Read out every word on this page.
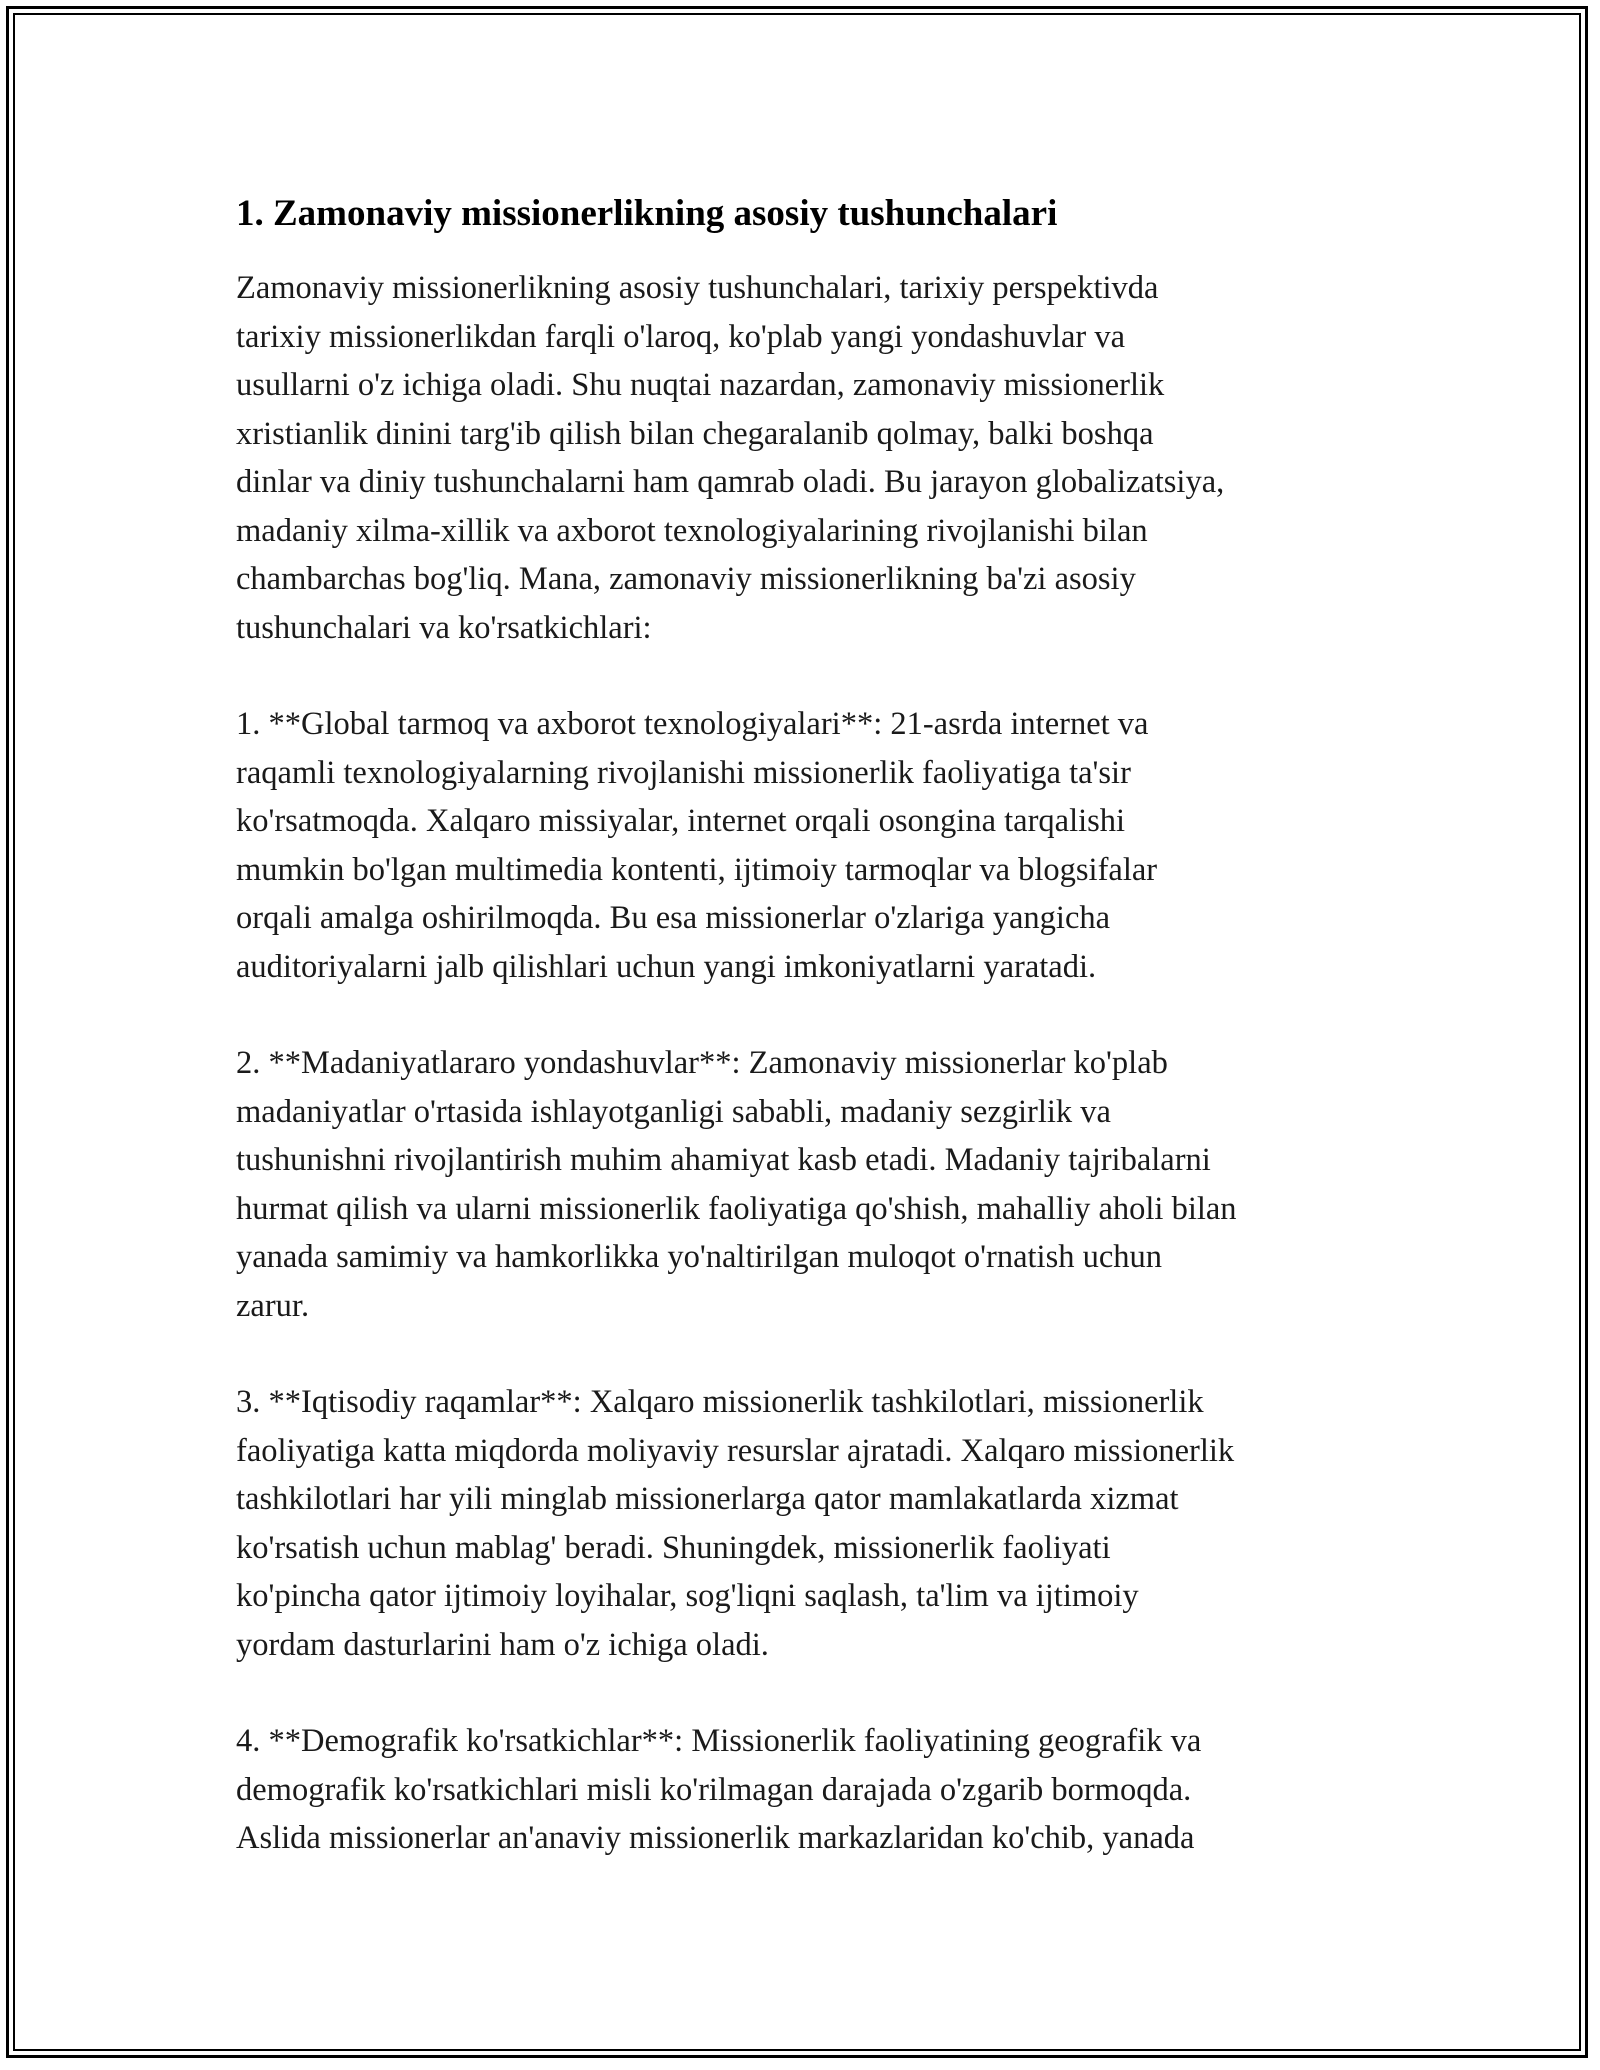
1. Zamonaviy missionerlikning asosiy tushunchalari

Zamonaviy missionerlikning asosiy tushunchalari, tarixiy perspektivda
tarixiy missionerlikdan farqli o'laroq, ko'plab yangi yondashuvlar va
usullarni o'z ichiga oladi. Shu nuqtai nazardan, zamonaviy missionerlik
xristianlik dinini targ'ib qilish bilan chegaralanib qolmay, balki boshqa
dinlar va diniy tushunchalarni ham qamrab oladi. Bu jarayon globalizatsiya,
madaniy xilma-xillik va axborot texnologiyalarining rivojlanishi bilan
chambarchas bog'liq. Mana, zamonaviy missionerlikning ba'zi asosiy
tushunchalari va ko'rsatkichlari:

1. **Global tarmoq va axborot texnologiyalari**: 21-asrda internet va
raqamli texnologiyalarning rivojlanishi missionerlik faoliyatiga ta'sir
ko'rsatmoqda. Xalqaro missiyalar, internet orqali osongina tarqalishi
mumkin bo'lgan multimedia kontenti, ijtimoiy tarmoqlar va blogsifalar
orqali amalga oshirilmoqda. Bu esa missionerlar o'zlariga yangicha
auditoriyalarni jalb qilishlari uchun yangi imkoniyatlarni yaratadi.

2. **Madaniyatlararo yondashuvlar**: Zamonaviy missionerlar ko'plab
madaniyatlar o'rtasida ishlayotganligi sababli, madaniy sezgirlik va
tushunishni rivojlantirish muhim ahamiyat kasb etadi. Madaniy tajribalarni
hurmat qilish va ularni missionerlik faoliyatiga qo'shish, mahalliy aholi bilan
yanada samimiy va hamkorlikka yo'naltirilgan muloqot o'rnatish uchun
zarur.

3. **Iqtisodiy raqamlar**: Xalqaro missionerlik tashkilotlari, missionerlik
faoliyatiga katta miqdorda moliyaviy resurslar ajratadi. Xalqaro missionerlik
tashkilotlari har yili minglab missionerlarga qator mamlakatlarda xizmat
ko'rsatish uchun mablag' beradi. Shuningdek, missionerlik faoliyati
ko'pincha qator ijtimoiy loyihalar, sog'liqni saqlash, ta'lim va ijtimoiy
yordam dasturlarini ham o'z ichiga oladi.

4. **Demografik ko'rsatkichlar**: Missionerlik faoliyatining geografik va
demografik ko'rsatkichlari misli ko'rilmagan darajada o'zgarib bormoqda.
Aslida missionerlar an'anaviy missionerlik markazlaridan ko'chib, yanada
